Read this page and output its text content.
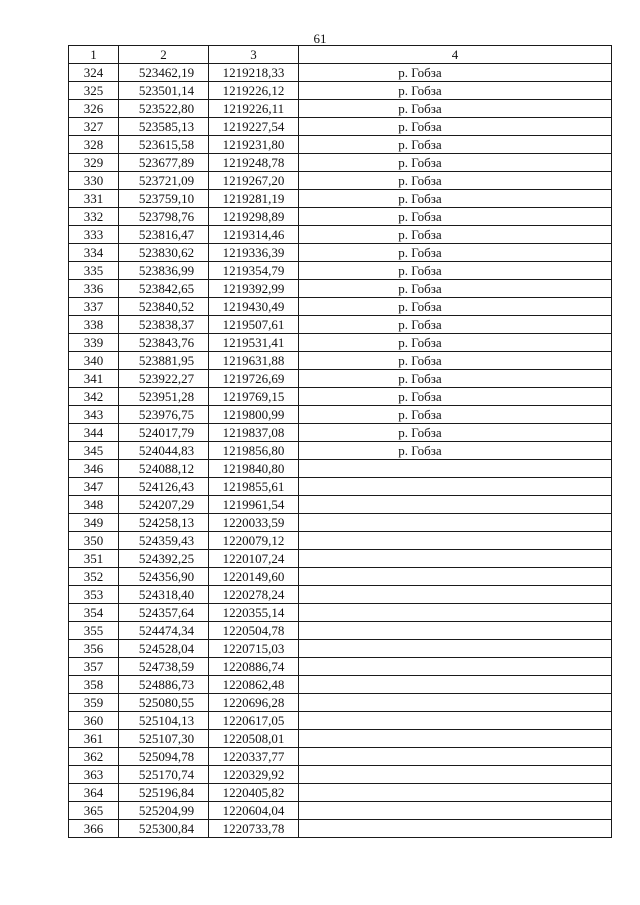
61
1	2	3	4
324	523462,19	1219218,33	р. Гобза
325	523501,14	1219226,12	р. Гобза
326	523522,80	1219226,11	р. Гобза
327	523585,13	1219227,54	р. Гобза
328	523615,58	1219231,80	р. Гобза
329	523677,89	1219248,78	р. Гобза
330	523721,09	1219267,20	р. Гобза
331	523759,10	1219281,19	р. Гобза
332	523798,76	1219298,89	р. Гобза
333	523816,47	1219314,46	р. Гобза
334	523830,62	1219336,39	р. Гобза
335	523836,99	1219354,79	р. Гобза
336	523842,65	1219392,99	р. Гобза
337	523840,52	1219430,49	р. Гобза
338	523838,37	1219507,61	р. Гобза
339	523843,76	1219531,41	р. Гобза
340	523881,95	1219631,88	р. Гобза
341	523922,27	1219726,69	р. Гобза
342	523951,28	1219769,15	р. Гобза
343	523976,75	1219800,99	р. Гобза
344	524017,79	1219837,08	р. Гобза
345	524044,83	1219856,80	р. Гобза
346	524088,12	1219840,80	
347	524126,43	1219855,61	
348	524207,29	1219961,54	
349	524258,13	1220033,59	
350	524359,43	1220079,12	
351	524392,25	1220107,24	
352	524356,90	1220149,60	
353	524318,40	1220278,24	
354	524357,64	1220355,14	
355	524474,34	1220504,78	
356	524528,04	1220715,03	
357	524738,59	1220886,74	
358	524886,73	1220862,48	
359	525080,55	1220696,28	
360	525104,13	1220617,05	
361	525107,30	1220508,01	
362	525094,78	1220337,77	
363	525170,74	1220329,92	
364	525196,84	1220405,82	
365	525204,99	1220604,04	
366	525300,84	1220733,78	
